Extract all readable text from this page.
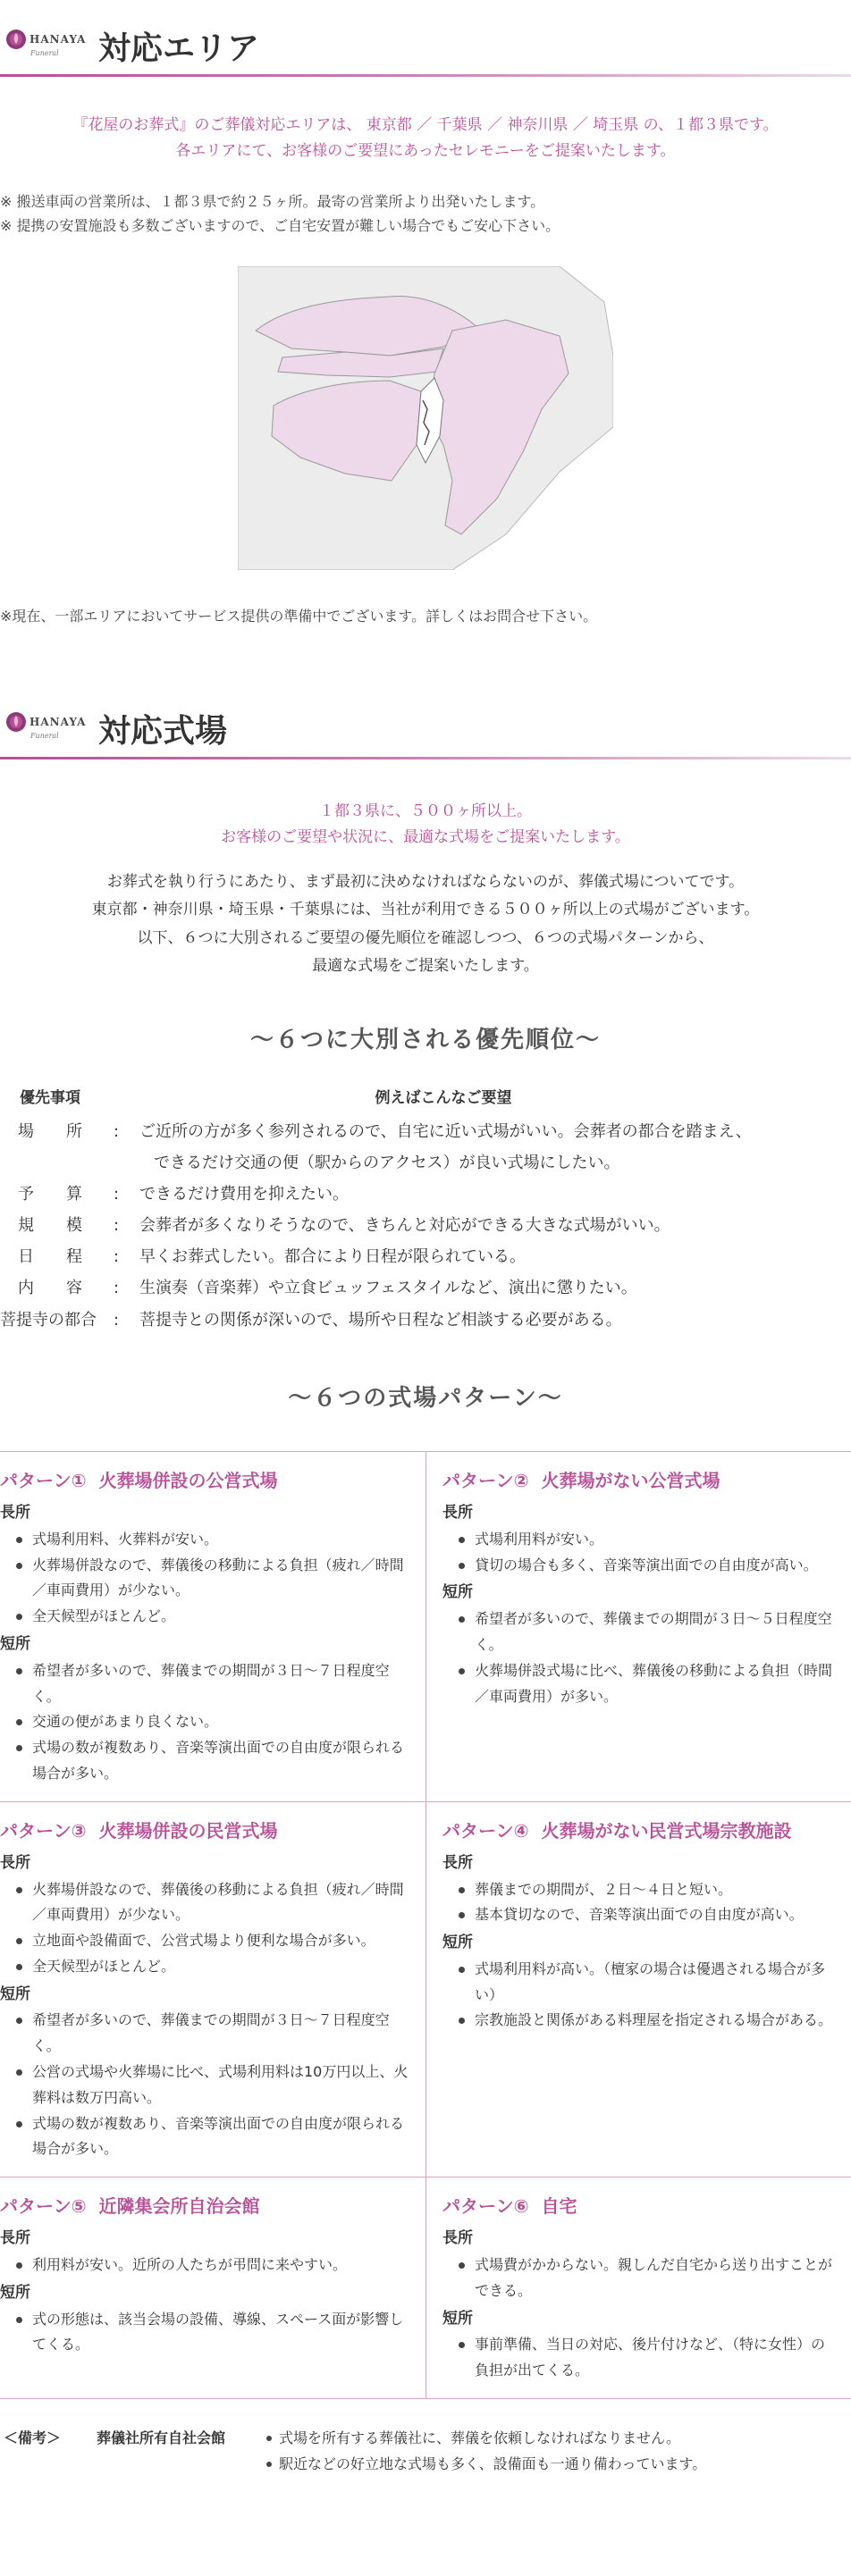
HANAYA
Funeral 対応エリア

『花屋のお葬式』のご葬儀対応エリアは、 東京都 ／ 千葉県 ／ 神奈川県 ／ 埼玉県 の、１都３県です。

各エリアにて、お客様のご要望にあったセレモニーをご提案いたします。

※ 搬送車両の営業所は、１都３県で約２５ヶ所。最寄の営業所より出発いたします。

※ 提携の安置施設も多数ございますので、ご自宅安置が難しい場合でもご安心下さい。

※現在、一部エリアにおいてサービス提供の準備中でございます。詳しくはお問合せ下さい。

HANAYA
Funeral 対応式場

１都３県に、５００ヶ所以上。

お客様のご要望や状況に、最適な式場をご提案いたします。

お葬式を執り行うにあたり、まず最初に決めなければならないのが、葬儀式場についてです。

東京都・神奈川県・埼玉県・千葉県には、当社が利用できる５００ヶ所以上の式場がございます。

以下、６つに大別されるご要望の優先順位を確認しつつ、６つの式場パターンから、

最適な式場をご提案いたします。

〜６つに大別される優先順位〜
優先事項	例えばこんなご要望
場　　所	:	ご近所の方が多く参列されるので、自宅に近い式場がいい。会葬者の都合を踏まえ、
できるだけ交通の便（駅からのアクセス）が良い式場にしたい。
予　　算	:	できるだけ費用を抑えたい。
規　　模	:	会葬者が多くなりそうなので、きちんと対応ができる大きな式場がいい。
日　　程	:	早くお葬式したい。都合により日程が限られている。
内　　容	:	生演奏（音楽葬）や立食ビュッフェスタイルなど、演出に懲りたい。
菩提寺の都合	:	菩提寺との関係が深いので、場所や日程など相談する必要がある。
〜６つの式場パターン〜
パターン① 火葬場併設の公営式場
長所
式場利用料、火葬料が安い。
火葬場併設なので、葬儀後の移動による負担（疲れ／時間／車両費用）が少ない。
全天候型がほとんど。
短所
希望者が多いので、葬儀までの期間が３日〜７日程度空く。
交通の便があまり良くない。
式場の数が複数あり、音楽等演出面での自由度が限られる場合が多い。
パターン② 火葬場がない公営式場
長所
式場利用料が安い。
貸切の場合も多く、音楽等演出面での自由度が高い。
短所
希望者が多いので、葬儀までの期間が３日〜５日程度空く。
火葬場併設式場に比べ、葬儀後の移動による負担（時間／車両費用）が多い。
パターン③ 火葬場併設の民営式場
長所
火葬場併設なので、葬儀後の移動による負担（疲れ／時間／車両費用）が少ない。
立地面や設備面で、公営式場より便利な場合が多い。
全天候型がほとんど。
短所
希望者が多いので、葬儀までの期間が３日〜７日程度空く。
公営の式場や火葬場に比べ、式場利用料は10万円以上、火葬料は数万円高い。
式場の数が複数あり、音楽等演出面での自由度が限られる場合が多い。
パターン④ 火葬場がない民営式場宗教施設
長所
葬儀までの期間が、２日〜４日と短い。
基本貸切なので、音楽等演出面での自由度が高い。
短所
式場利用料が高い。（檀家の場合は優遇される場合が多い）
宗教施設と関係がある料理屋を指定される場合がある。
パターン⑤ 近隣集会所自治会館
長所
利用料が安い。近所の人たちが弔問に来やすい。
短所
式の形態は、該当会場の設備、導線、スペース面が影響してくる。
パターン⑥ 自宅
長所
式場費がかからない。親しんだ自宅から送り出すことができる。
短所
事前準備、当日の対応、後片付けなど、（特に女性）の負担が出てくる。
＜備考＞	葬儀社所有自社会館	式場を所有する葬儀社に、葬儀を依頼しなければなりません。
駅近などの好立地な式場も多く、設備面も一通り備わっています。
